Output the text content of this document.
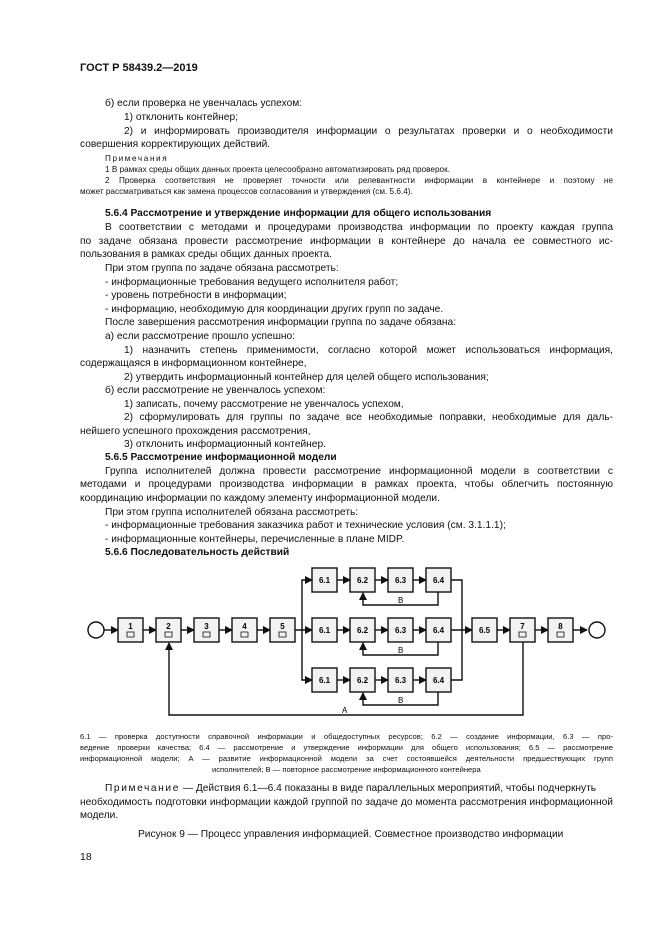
ГОСТ Р 58439.2—2019
б) если проверка не увенчалась успехом:
1) отклонить контейнер;
2) и информировать производителя информации о результатах проверки и о необходимости
совершения корректирующих действий.
Примечания
1 В рамках среды общих данных проекта целесообразно автоматизировать ряд проверок.
2 Проверка соответствия не проверяет точности или релевантности информации в контейнере и поэтому не
может рассматриваться как замена процессов согласования и утверждения (см. 5.6.4).
5.6.4 Рассмотрение и утверждение информации для общего использования
В соответствии с методами и процедурами производства информации по проекту каждая группа
по задаче обязана провести рассмотрение информации в контейнере до начала ее совместного ис-
пользования в рамках среды общих данных проекта.
При этом группа по задаче обязана рассмотреть:
- информационные требования ведущего исполнителя работ;
- уровень потребности в информации;
- информацию, необходимую для координации других групп по задаче.
После завершения рассмотрения информации группа по задаче обязана:
а) если рассмотрение прошло успешно:
1) назначить степень применимости, согласно которой может использоваться информация,
содержащаяся в информационном контейнере,
2) утвердить информационный контейнер для целей общего использования;
б) если рассмотрение не увенчалось успехом:
1) записать, почему рассмотрение не увенчалось успехом,
2) сформулировать для группы по задаче все необходимые поправки, необходимые для даль-
нейшего успешного прохождения рассмотрения,
3) отклонить информационный контейнер.
5.6.5 Рассмотрение информационной модели
Группа исполнителей должна провести рассмотрение информационной модели в соответствии с
методами и процедурами производства информации в рамках проекта, чтобы облегчить постоянную
координацию информации по каждому элементу информационной модели.
При этом группа исполнителей обязана рассмотреть:
- информационные требования заказчика работ и технические условия (см. 3.1.1.1);
- информационные контейнеры, перечисленные в плане MIDP.
5.6.6 Последовательность действий
B
B
B
A
1	2	3	4	5	6.5	7	8
6.1	6.2	6.3	6.4
6.1	6.2	6.3	6.4
6.1	6.2	6.3	6.4
6.1 — проверка доступности справочной информации и общедоступных ресурсов; 6.2 — создание информации, 6.3 — про-
ведение проверки качества; 6.4 — рассмотрение и утверждение информации для общего использования; 6.5 — рассмотрение
информационной модели; A — развитие информационной модели за счет состоявшейся деятельности предшествующих групп
исполнителей; B — повторное рассмотрение информационного контейнера
Примечание — Действия 6.1—6.4 показаны в виде параллельных мероприятий, чтобы подчеркнуть
необходимость подготовки информации каждой группой по задаче до момента рассмотрения информационной
модели.
Рисунок 9 — Процесс управления информацией. Совместное производство информации
18
